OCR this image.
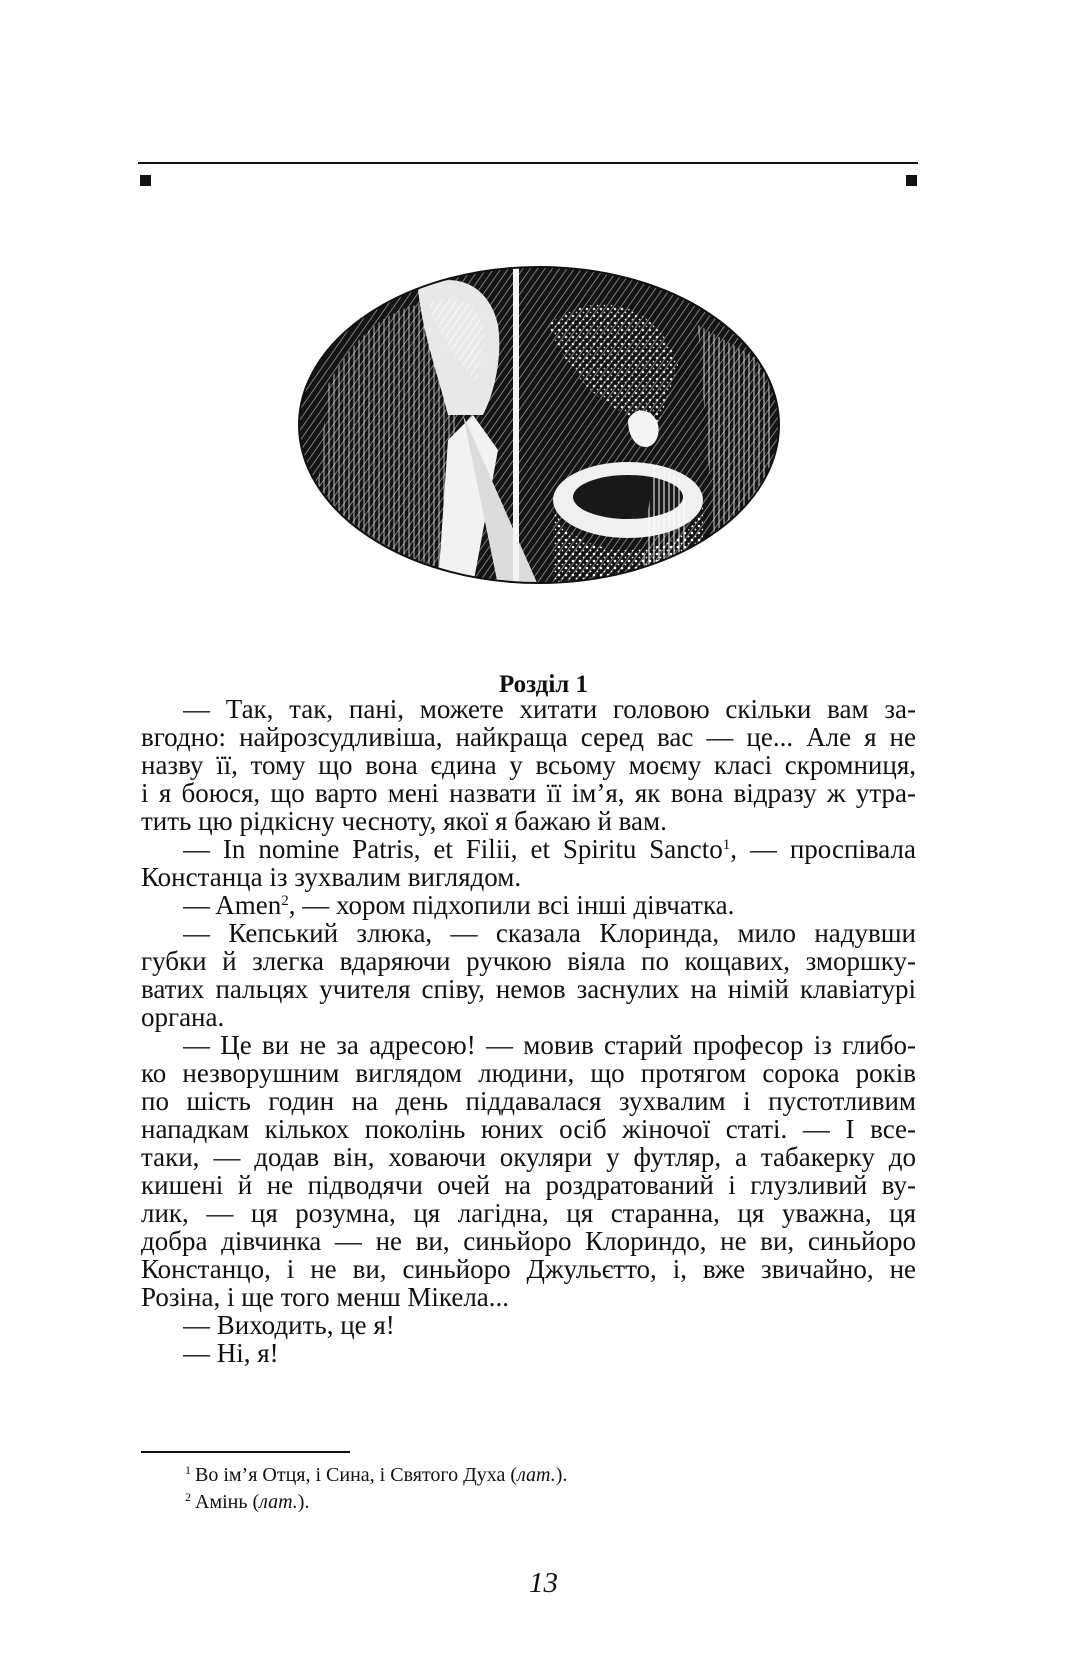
Розділ 1
— Так, так, пані, можете хитати головою скільки вам за-
вгодно: найрозсудливіша, найкраща серед вас — це... Але я не
назву її, тому що вона єдина у всьому моєму класі скромниця,
і я боюся, що варто мені назвати її ім’я, як вона відразу ж утра-
тить цю рідкісну чесноту, якої я бажаю й вам.
— In nomine Patris, et Filii, et Spiritu Sancto$^1$, — проспівала
Констанца із зухвалим виглядом.
— Amen$^2$, — хором підхопили всі інші дівчатка.
— Кепський злюка, — сказала Клоринда, мило надувши
губки й злегка вдаряючи ручкою віяла по кощавих, зморшку-
ватих пальцях учителя співу, немов заснулих на німій клавіатурі
органа.
— Це ви не за адресою! — мовив старий професор із глибо-
ко незворушним виглядом людини, що протягом сорока років
по шість годин на день піддавалася зухвалим і пустотливим
нападкам кількох поколінь юних осіб жіночої статі. — І все-
таки, — додав він, ховаючи окуляри у футляр, а табакерку до
кишені й не підводячи очей на роздратований і глузливий ву-
лик, — ця розумна, ця лагідна, ця старанна, ця уважна, ця
добра дівчинка — не ви, синьйоро Клориндо, не ви, синьйоро
Констанцо, і не ви, синьйоро Джульєтто, і, вже звичайно, не
Розіна, і ще того менш Мікела...
— Виходить, це я!
— Ні, я!
$^1$ Во ім’я Отця, і Сина, і Святого Духа (лат.).
$^2$ Амінь (лат.).
13
